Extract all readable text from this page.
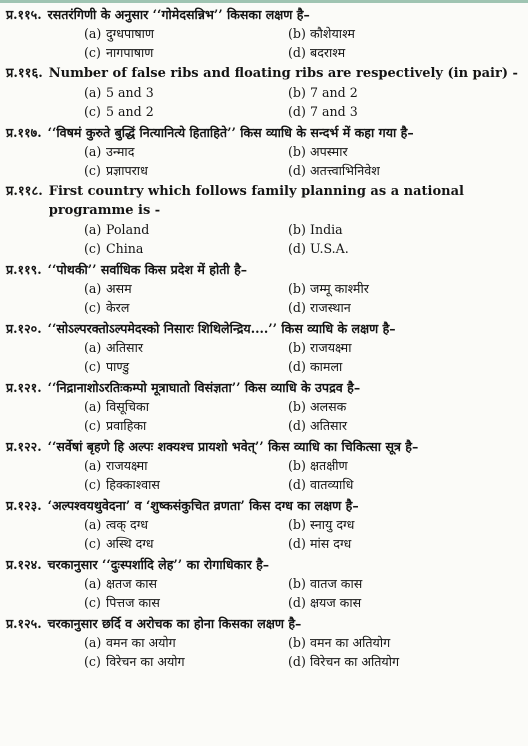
प्र.११५. रसतरंगिणी के अनुसार ‘‘गोमेदसन्निभ’’ किसका लक्षण है–
(a) दुग्धपाषाण	(b) कौशेयाश्म
(c) नागपाषाण	(d) बदराश्म
प्र.११६. Number of false ribs and floating ribs are respectively (in pair) -
(a) 5 and 3	(b) 7 and 2
(c) 5 and 2	(d) 7 and 3
प्र.११७. ‘‘विषमं कुरुते बुद्धिं नित्यानित्ये हिताहिते’’ किस व्याधि के सन्दर्भ में कहा गया है–
(a) उन्माद	(b) अपस्मार
(c) प्रज्ञापराध	(d) अतत्त्वाभिनिवेश
प्र.११८. First country which follows family planning as a national programme is -
(a) Poland	(b) India
(c) China	(d) U.S.A.
प्र.११९. ‘‘पोथकी’’ सर्वाधिक किस प्रदेश में होती है–
(a) असम	(b) जम्मू काश्मीर
(c) केरल	(d) राजस्थान
प्र.१२०. ‘‘सोऽल्परक्तोऽल्पमेदस्को निसारः शिथिलेन्द्रिय....’’ किस व्याधि के लक्षण है–
(a) अतिसार	(b) राजयक्ष्मा
(c) पाण्डु	(d) कामला
प्र.१२१. ‘‘निद्रानाशोऽरतिःकम्पो मूत्राघातो विसंज्ञता’’ किस व्याधि के उपद्रव है–
(a) विसूचिका	(b) अलसक
(c) प्रवाहिका	(d) अतिसार
प्र.१२२. ‘‘सर्वेषां बृहणे हि अल्पः शक्यश्च प्रायशो भवेत्’’ किस व्याधि का चिकित्सा सूत्र है–
(a) राजयक्ष्मा	(b) क्षतक्षीण
(c) हिक्काश्वास	(d) वातव्याधि
प्र.१२३. ‘अल्पश्वयथुवेदना’ व ‘शुष्कसंकुचित व्रणता’ किस दग्ध का लक्षण है–
(a) त्वक् दग्ध	(b) स्नायु दग्ध
(c) अस्थि दग्ध	(d) मांस दग्ध
प्र.१२४. चरकानुसार ‘‘दुःस्पर्शादि लेह’’ का रोगाधिकार है–
(a) क्षतज कास	(b) वातज कास
(c) पित्तज कास	(d) क्षयज कास
प्र.१२५. चरकानुसार छर्दि व अरोचक का होना किसका लक्षण है–
(a) वमन का अयोग	(b) वमन का अतियोग
(c) विरेचन का अयोग	(d) विरेचन का अतियोग
